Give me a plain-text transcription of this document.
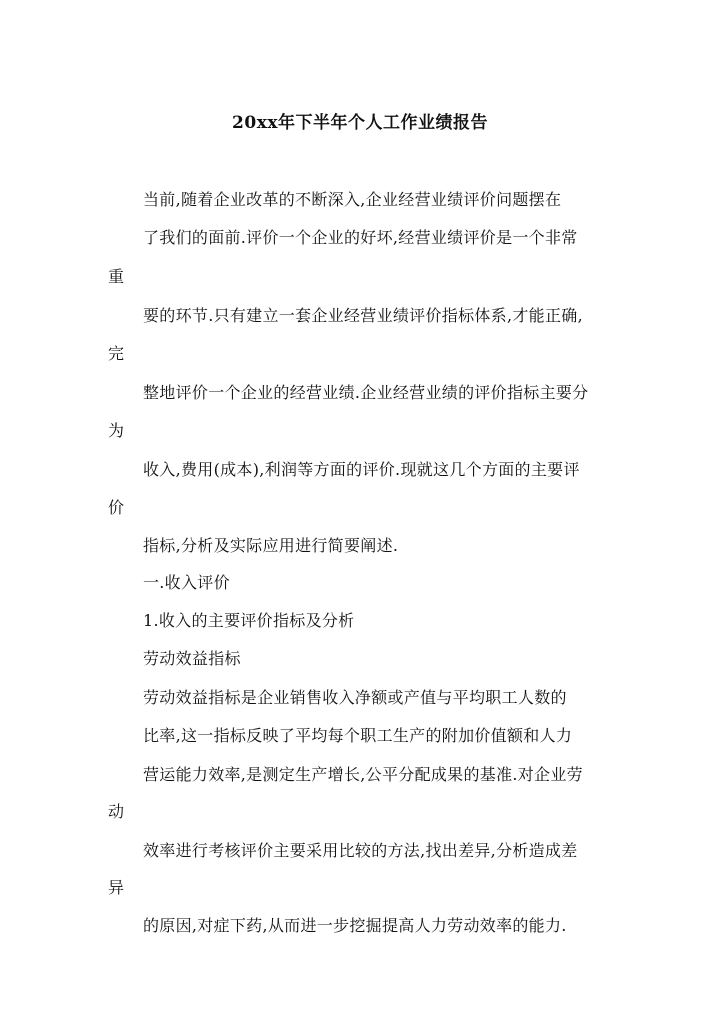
20xx年下半年个人工作业绩报告
当前,随着企业改革的不断深入,企业经营业绩评价问题摆在
了我们的面前.评价一个企业的好坏,经营业绩评价是一个非常
重
要的环节.只有建立一套企业经营业绩评价指标体系,才能正确,
完
整地评价一个企业的经营业绩.企业经营业绩的评价指标主要分
为
收入,费用(成本),利润等方面的评价.现就这几个方面的主要评
价
指标,分析及实际应用进行简要阐述.
一.收入评价
1.收入的主要评价指标及分析
劳动效益指标
劳动效益指标是企业销售收入净额或产值与平均职工人数的
比率,这一指标反映了平均每个职工生产的附加价值额和人力
营运能力效率,是测定生产增长,公平分配成果的基准.对企业劳
动
效率进行考核评价主要采用比较的方法,找出差异,分析造成差
异
的原因,对症下药,从而进一步挖掘提高人力劳动效率的能力.
